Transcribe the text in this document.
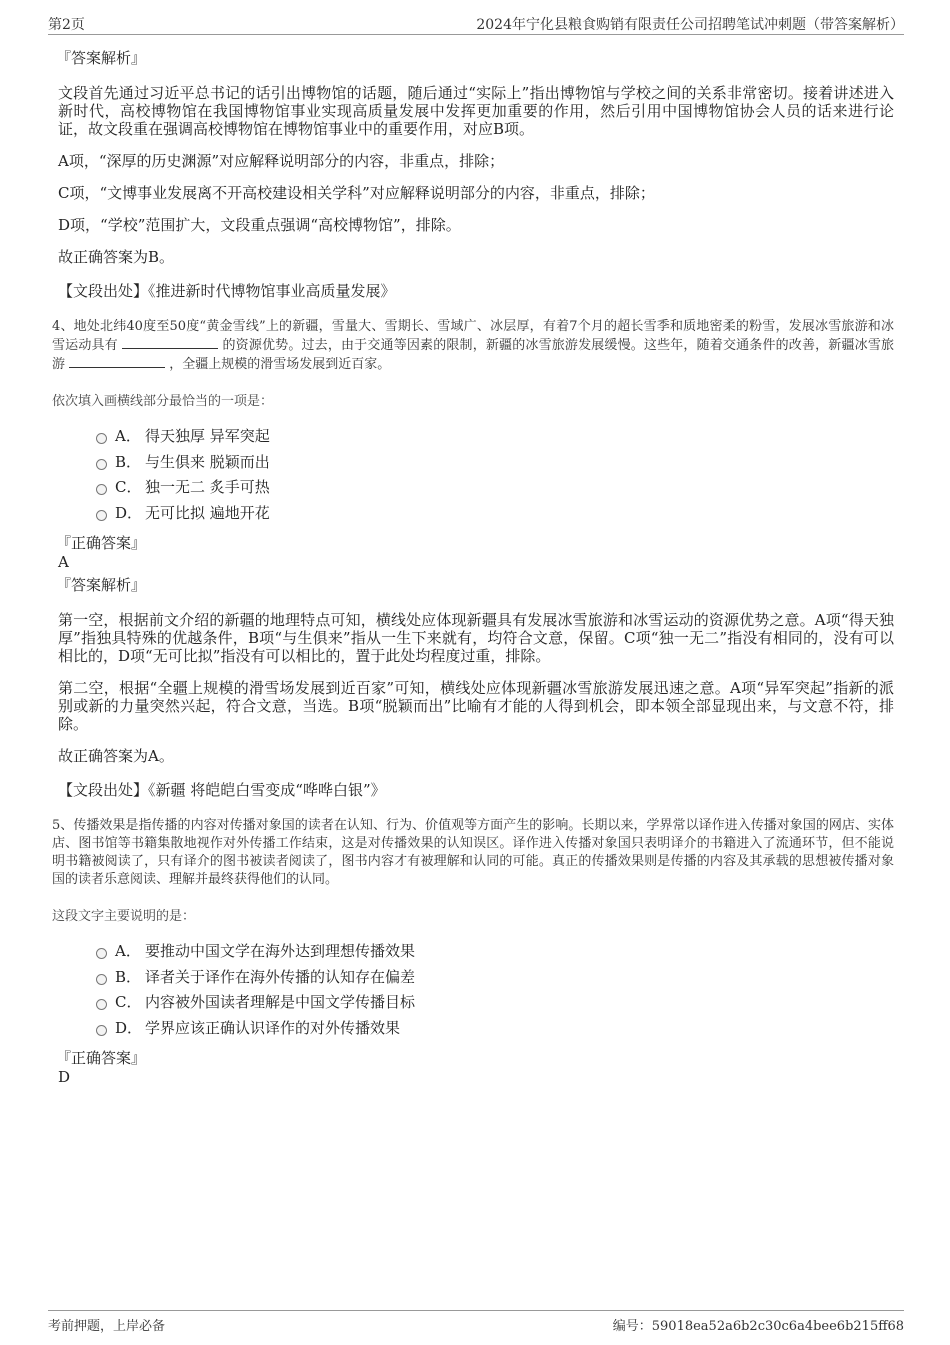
第2页	2024年宁化县粮食购销有限责任公司招聘笔试冲刺题（带答案解析）
『答案解析』

文段首先通过习近平总书记的话引出博物馆的话题，随后通过“实际上”指出博物馆与学校之间的关系非常密切。接着讲述进入新时代，高校博物馆在我国博物馆事业实现高质量发展中发挥更加重要的作用，然后引用中国博物馆协会人员的话来进行论证，故文段重在强调高校博物馆在博物馆事业中的重要作用，对应B项。

A项，“深厚的历史渊源”对应解释说明部分的内容，非重点，排除；

C项，“文博事业发展离不开高校建设相关学科”对应解释说明部分的内容，非重点，排除；

D项，“学校”范围扩大，文段重点强调“高校博物馆”，排除。

故正确答案为B。

【文段出处】《推进新时代博物馆事业高质量发展》
4、地处北纬40度至50度“黄金雪线”上的新疆，雪量大、雪期长、雪域广、冰层厚，有着7个月的超长雪季和质地密柔的粉雪，发展冰雪旅游和冰雪运动具有	的资源优势。过去，由于交通等因素的限制，新疆的冰雪旅游发展缓慢。这些年，随着交通条件的改善，新疆冰雪旅游	，全疆上规模的滑雪场发展到近百家。
依次填入画横线部分最恰当的一项是：
A． 得天独厚 异军突起
B． 与生俱来 脱颖而出
C． 独一无二 炙手可热
D． 无可比拟 遍地开花
『正确答案』
A
『答案解析』

第一空，根据前文介绍的新疆的地理特点可知，横线处应体现新疆具有发展冰雪旅游和冰雪运动的资源优势之意。A项“得天独厚”指独具特殊的优越条件，B项“与生俱来”指从一生下来就有，均符合文意，保留。C项“独一无二”指没有相同的，没有可以相比的，D项“无可比拟”指没有可以相比的，置于此处均程度过重，排除。

第二空，根据“全疆上规模的滑雪场发展到近百家”可知，横线处应体现新疆冰雪旅游发展迅速之意。A项“异军突起”指新的派别或新的力量突然兴起，符合文意，当选。B项“脱颖而出”比喻有才能的人得到机会，即本领全部显现出来，与文意不符，排除。

故正确答案为A。

【文段出处】《新疆 将皑皑白雪变成“哗哗白银”》
5、传播效果是指传播的内容对传播对象国的读者在认知、行为、价值观等方面产生的影响。长期以来，学界常以译作进入传播对象国的网店、实体店、图书馆等书籍集散地视作对外传播工作结束，这是对传播效果的认知误区。译作进入传播对象国只表明译介的书籍进入了流通环节，但不能说明书籍被阅读了，只有译介的图书被读者阅读了，图书内容才有被理解和认同的可能。真正的传播效果则是传播的内容及其承载的思想被传播对象国的读者乐意阅读、理解并最终获得他们的认同。
这段文字主要说明的是：
A． 要推动中国文学在海外达到理想传播效果
B． 译者关于译作在海外传播的认知存在偏差
C． 内容被外国读者理解是中国文学传播目标
D． 学界应该正确认识译作的对外传播效果
『正确答案』
D
考前押题，上岸必备	编号：59018ea52a6b2c30c6a4bee6b215ff68
